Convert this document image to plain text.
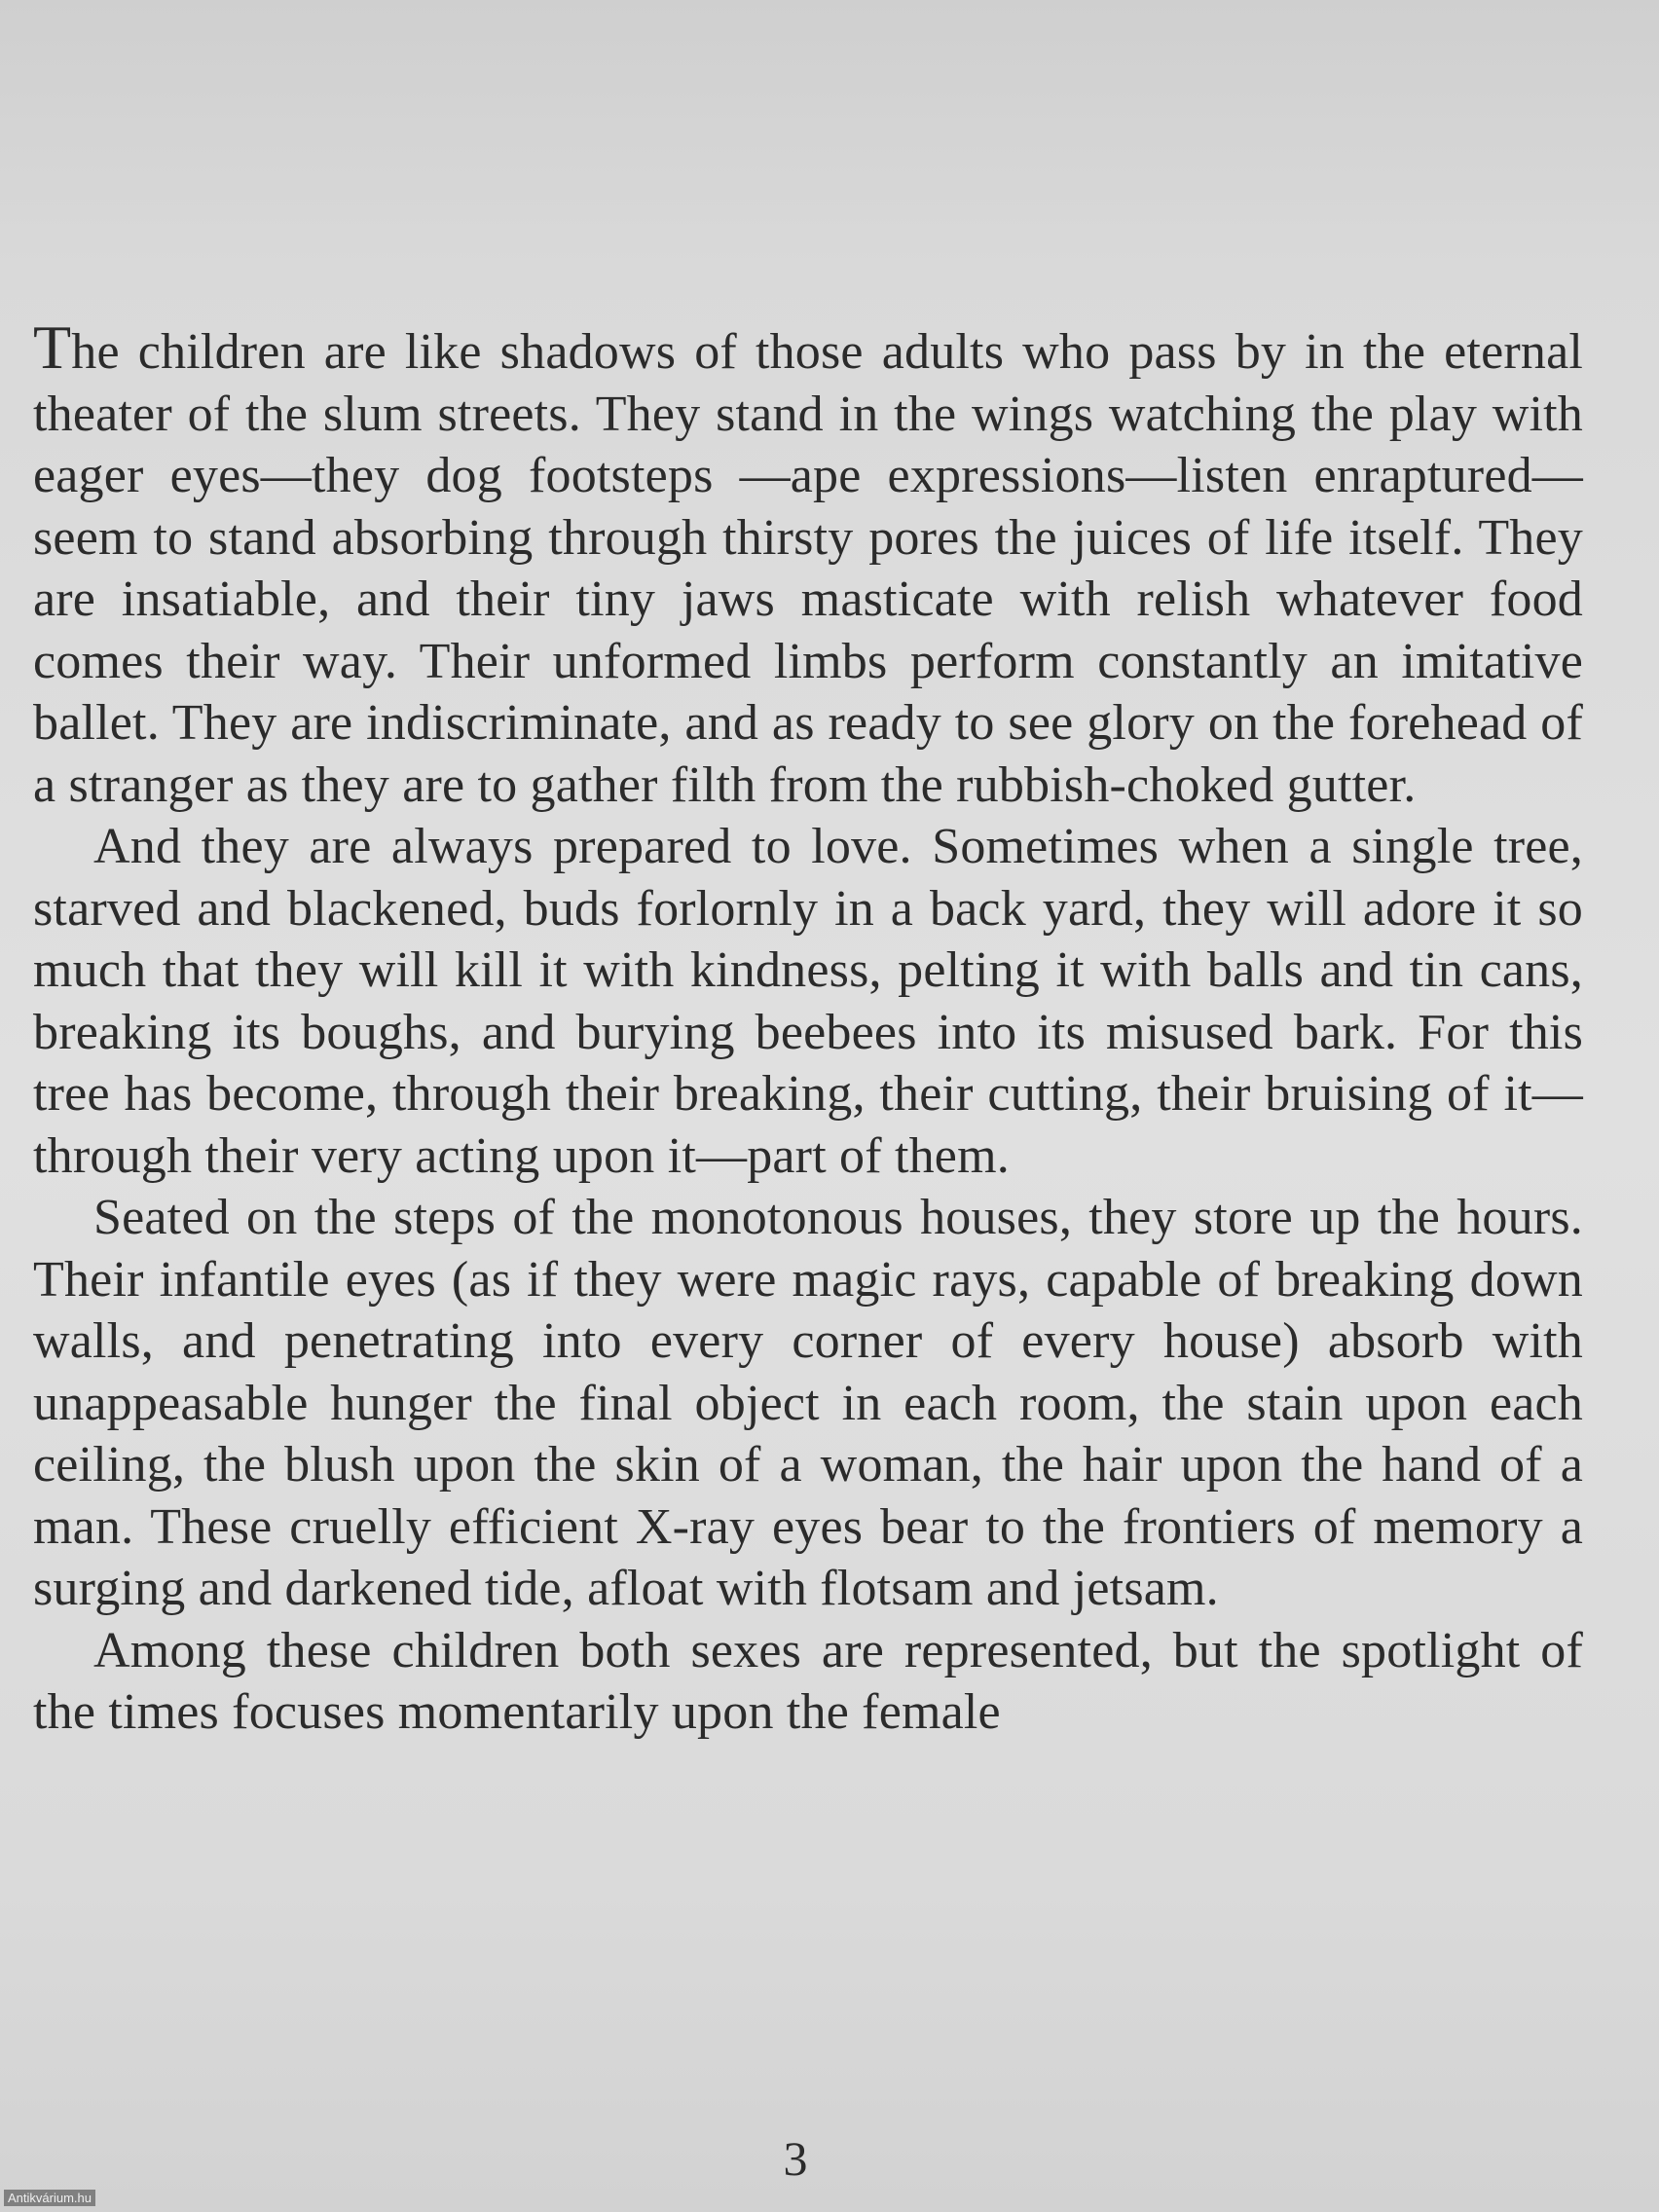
The children are like shadows of those adults who pass by in the eternal theater of the slum streets. They stand in the wings watching the play with eager eyes—they dog footsteps —ape expressions—listen enraptured—seem to stand absorbing through thirsty pores the juices of life itself. They are insatiable, and their tiny jaws masticate with relish whatever food comes their way. Their unformed limbs perform constantly an imitative ballet. They are indiscriminate, and as ready to see glory on the forehead of a stranger as they are to gather filth from the rubbish-choked gutter.

And they are always prepared to love. Sometimes when a single tree, starved and blackened, buds forlornly in a back yard, they will adore it so much that they will kill it with kindness, pelting it with balls and tin cans, breaking its boughs, and burying beebees into its misused bark. For this tree has become, through their breaking, their cutting, their bruising of it—through their very acting upon it—part of them.

Seated on the steps of the monotonous houses, they store up the hours. Their infantile eyes (as if they were magic rays, capable of breaking down walls, and penetrating into every corner of every house) absorb with unappeasable hunger the final object in each room, the stain upon each ceiling, the blush upon the skin of a woman, the hair upon the hand of a man. These cruelly efficient X-ray eyes bear to the frontiers of memory a surging and darkened tide, afloat with flotsam and jetsam.

Among these children both sexes are represented, but the spotlight of the times focuses momentarily upon the female

3
Antikvárium.hu
